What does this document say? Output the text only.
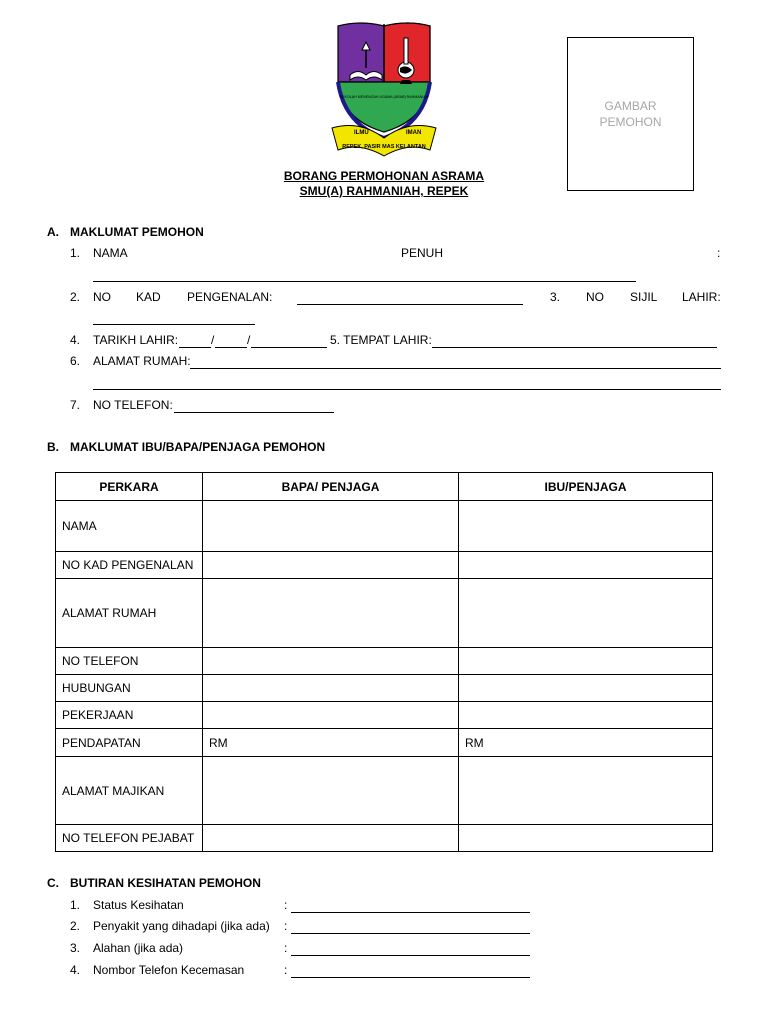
ILMU	IMAN
REPEK, PASIR MAS KELANTAN
SEKOLAH MENENGAH UGAMA (ARAB) RAHMANIAH
GAMBAR
PEMOHON
BORANG PERMOHONAN ASRAMA
SMU(A) RAHMANIAH, REPEK
A. MAKLUMAT PEMOHON
1. NAMA	PENUH	:
2. NO KAD PENGENALAN:	3. NO SIJIL LAHIR:
4. TARIKH LAHIR:	/	/	5. TEMPAT LAHIR:
6. ALAMAT RUMAH:
7. NO TELEFON:
B. MAKLUMAT IBU/BAPA/PENJAGA PEMOHON
PERKARA	BAPA/ PENJAGA	IBU/PENJAGA
NAMA		
NO KAD PENGENALAN		
ALAMAT RUMAH		
NO TELEFON		
HUBUNGAN		
PEKERJAAN		
PENDAPATAN	RM	RM
ALAMAT MAJIKAN		
NO TELEFON PEJABAT		
C. BUTIRAN KESIHATAN PEMOHON
1. Status Kesihatan	:
2. Penyakit yang dihadapi (jika ada) :
3. Alahan (jika ada)	:
4. Nombor Telefon Kecemasan	:
